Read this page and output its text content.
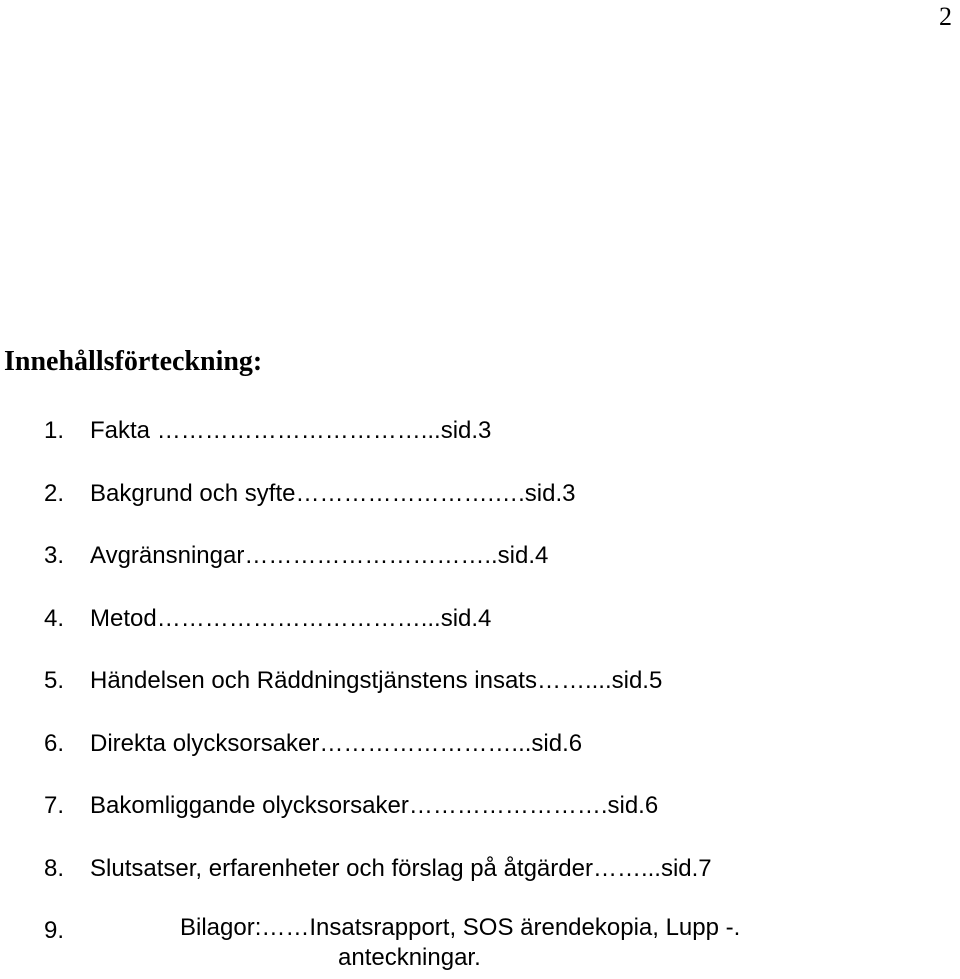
2
Innehållsförteckning:
1. Fakta ……………………………...sid.3
2. Bakgrund och syfte…………………….….sid.3
3. Avgränsningar…………………………..sid.4
4. Metod……………………………...sid.4
5. Händelsen och Räddningstjänstens insats……....sid.5
6. Direkta olycksorsaker……………………...sid.6
7. Bakomliggande olycksorsaker…………………….sid.6
8. Slutsatser, erfarenheter och förslag på åtgärder……...sid.7
9.	Bilagor:……Insatsrapport, SOS ärendekopia, Lupp -.
anteckningar.
